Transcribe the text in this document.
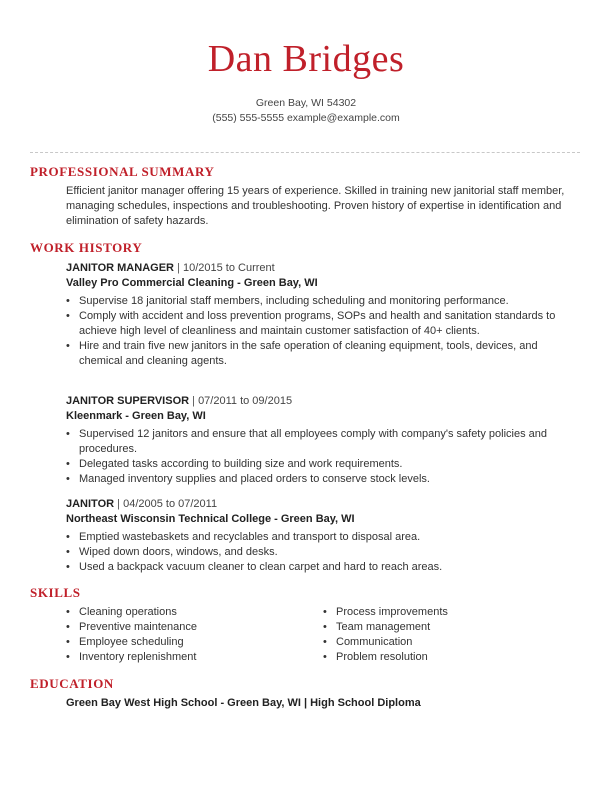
Dan Bridges
Green Bay, WI 54302
(555) 555-5555 example@example.com
PROFESSIONAL SUMMARY
Efficient janitor manager offering 15 years of experience. Skilled in training new janitorial staff member, managing schedules, inspections and troubleshooting. Proven history of expertise in identification and elimination of safety hazards.
WORK HISTORY
JANITOR MANAGER | 10/2015 to Current
Valley Pro Commercial Cleaning - Green Bay, WI
• Supervise 18 janitorial staff members, including scheduling and monitoring performance.
• Comply with accident and loss prevention programs, SOPs and health and sanitation standards to achieve high level of cleanliness and maintain customer satisfaction of 40+ clients.
• Hire and train five new janitors in the safe operation of cleaning equipment, tools, devices, and chemical and cleaning agents.
JANITOR SUPERVISOR | 07/2011 to 09/2015
Kleenmark - Green Bay, WI
• Supervised 12 janitors and ensure that all employees comply with company's safety policies and procedures.
• Delegated tasks according to building size and work requirements.
• Managed inventory supplies and placed orders to conserve stock levels.
JANITOR | 04/2005 to 07/2011
Northeast Wisconsin Technical College - Green Bay, WI
• Emptied wastebaskets and recyclables and transport to disposal area.
• Wiped down doors, windows, and desks.
• Used a backpack vacuum cleaner to clean carpet and hard to reach areas.
SKILLS
• Cleaning operations
• Preventive maintenance
• Employee scheduling
• Inventory replenishment
• Process improvements
• Team management
• Communication
• Problem resolution
EDUCATION
Green Bay West High School - Green Bay, WI | High School Diploma
